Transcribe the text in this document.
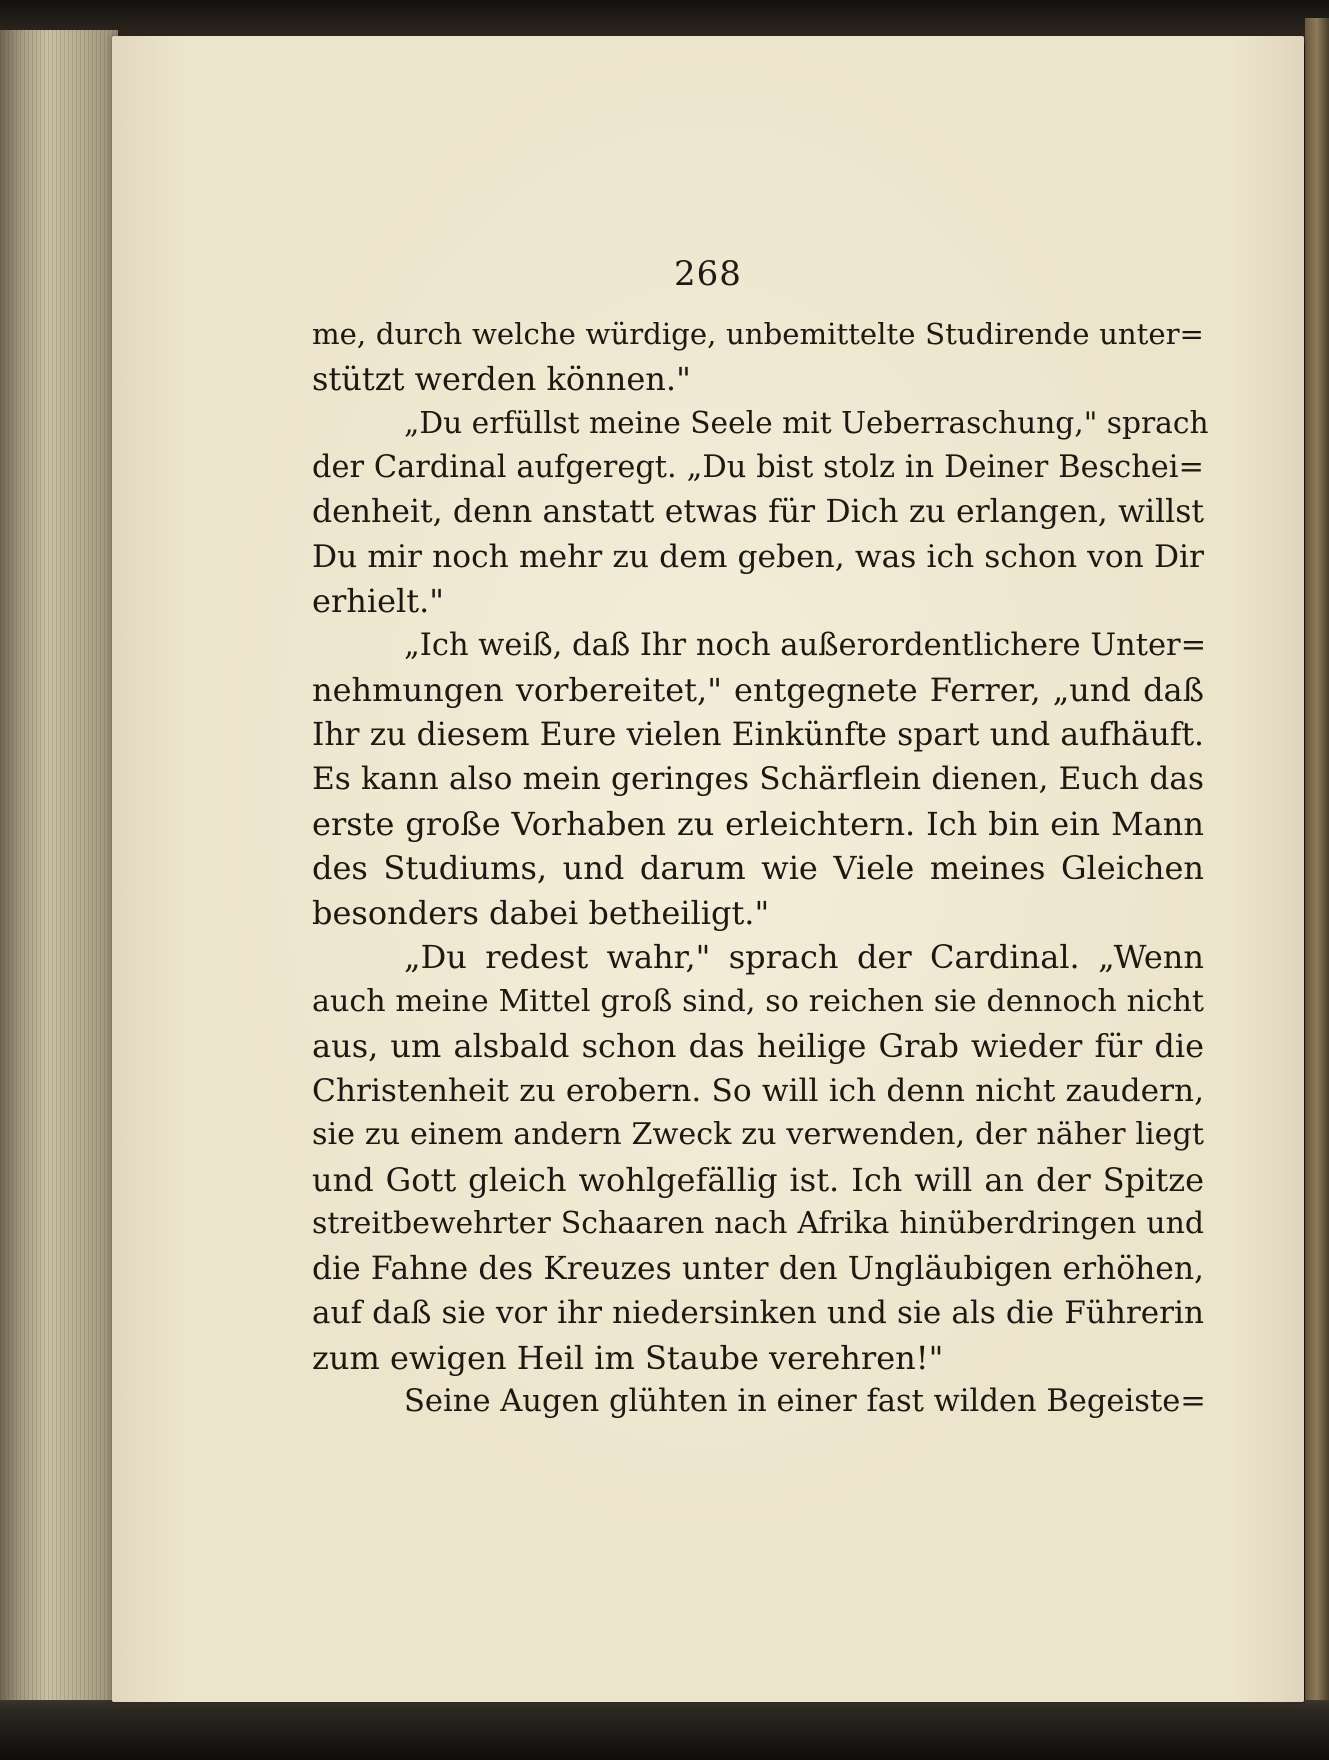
268
me, durch welche würdige, unbemittelte Studirende unter=
stützt werden können."
„Du erfüllst meine Seele mit Ueberraschung," sprach
der Cardinal aufgeregt. „Du bist stolz in Deiner Beschei=
denheit, denn anstatt etwas für Dich zu erlangen, willst
Du mir noch mehr zu dem geben, was ich schon von Dir
erhielt."
„Ich weiß, daß Ihr noch außerordentlichere Unter=
nehmungen vorbereitet," entgegnete Ferrer, „und daß
Ihr zu diesem Eure vielen Einkünfte spart und aufhäuft.
Es kann also mein geringes Schärflein dienen, Euch das
erste große Vorhaben zu erleichtern. Ich bin ein Mann
des Studiums, und darum wie Viele meines Gleichen
besonders dabei betheiligt."
„Du redest wahr," sprach der Cardinal. „Wenn
auch meine Mittel groß sind, so reichen sie dennoch nicht
aus, um alsbald schon das heilige Grab wieder für die
Christenheit zu erobern. So will ich denn nicht zaudern,
sie zu einem andern Zweck zu verwenden, der näher liegt
und Gott gleich wohlgefällig ist. Ich will an der Spitze
streitbewehrter Schaaren nach Afrika hinüberdringen und
die Fahne des Kreuzes unter den Ungläubigen erhöhen,
auf daß sie vor ihr niedersinken und sie als die Führerin
zum ewigen Heil im Staube verehren!"
Seine Augen glühten in einer fast wilden Begeiste=
